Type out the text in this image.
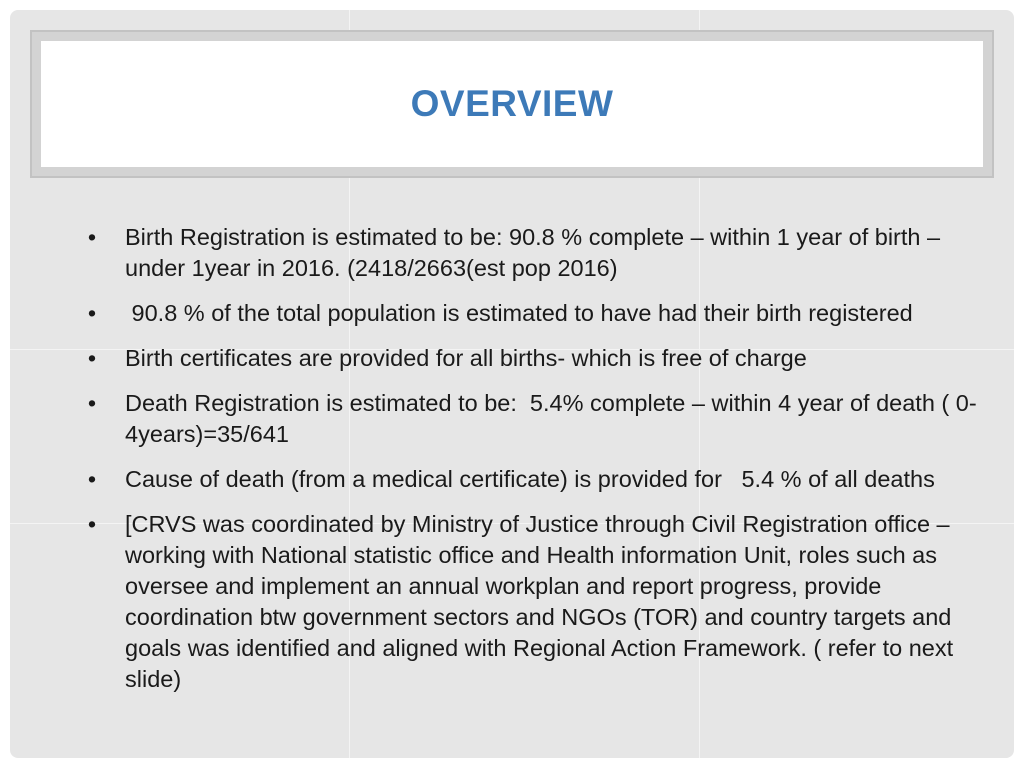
OVERVIEW
• Birth Registration is estimated to be: 90.8 % complete – within 1 year of birth – under 1year in 2016. (2418/2663(est pop 2016)
• 90.8 % of the total population is estimated to have had their birth registered
• Birth certificates are provided for all births- which is free of charge
• Death Registration is estimated to be:  5.4% complete – within 4 year of death ( 0-4years)=35/641
• Cause of death (from a medical certificate) is provided for   5.4 % of all deaths
• [CRVS was coordinated by Ministry of Justice through Civil Registration office – working with National statistic office and Health information Unit, roles such as oversee and implement an annual workplan and report progress, provide coordination btw government sectors and NGOs (TOR) and country targets and goals was identified and aligned with Regional Action Framework. ( refer to next slide)
